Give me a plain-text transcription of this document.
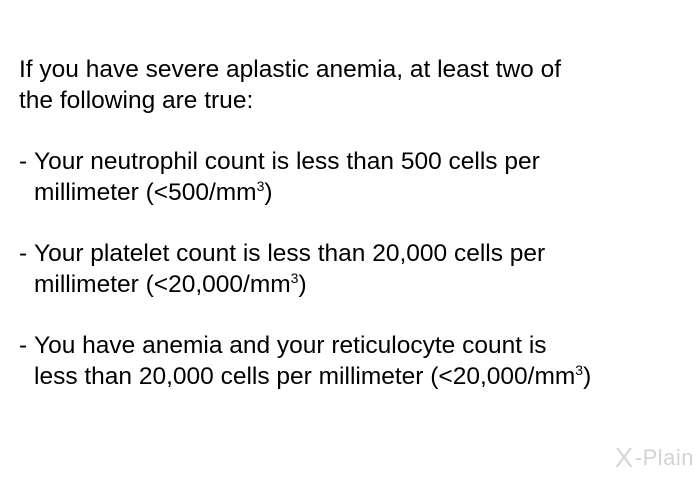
If you have severe aplastic anemia, at least two of
the following are true:

- Your neutrophil count is less than 500 cells per
millimeter $(<500/mm^3)$
- Your platelet count is less than 20,000 cells per
millimeter $(<20,000/mm^3)$
- You have anemia and your reticulocyte count is
less than 20,000 cells per millimeter $(<20,000/mm^3)$
X -Plain
